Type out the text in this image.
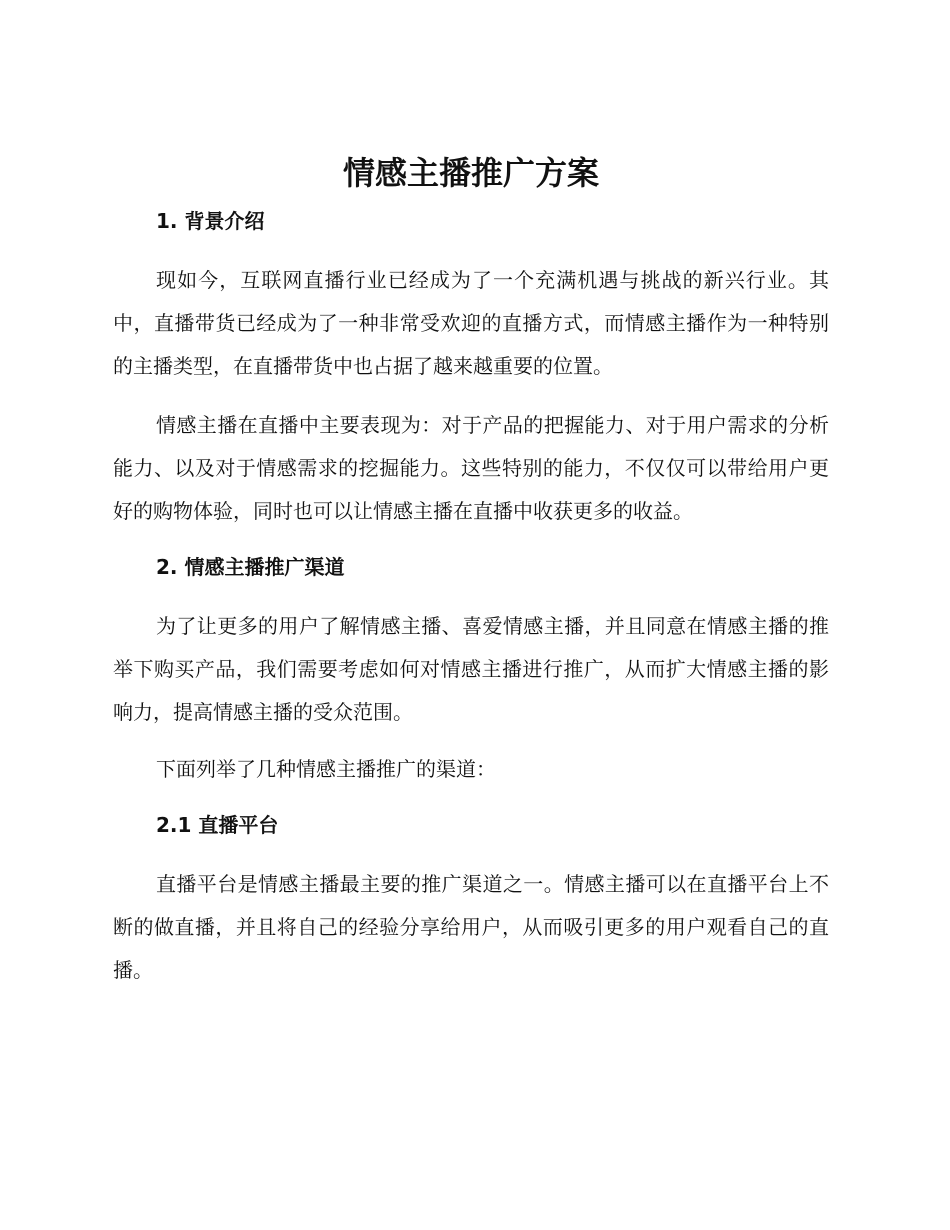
情感主播推广方案
1. 背景介绍

现如今，互联网直播行业已经成为了一个充满机遇与挑战的新兴行业。其中，直播带货已经成为了一种非常受欢迎的直播方式，而情感主播作为一种特别的主播类型，在直播带货中也占据了越来越重要的位置。

情感主播在直播中主要表现为：对于产品的把握能力、对于用户需求的分析能力、以及对于情感需求的挖掘能力。这些特别的能力，不仅仅可以带给用户更好的购物体验，同时也可以让情感主播在直播中收获更多的收益。

2. 情感主播推广渠道

为了让更多的用户了解情感主播、喜爱情感主播，并且同意在情感主播的推举下购买产品，我们需要考虑如何对情感主播进行推广，从而扩大情感主播的影响力，提高情感主播的受众范围。

下面列举了几种情感主播推广的渠道：

2.1 直播平台

直播平台是情感主播最主要的推广渠道之一。情感主播可以在直播平台上不断的做直播，并且将自己的经验分享给用户，从而吸引更多的用户观看自己的直播。
